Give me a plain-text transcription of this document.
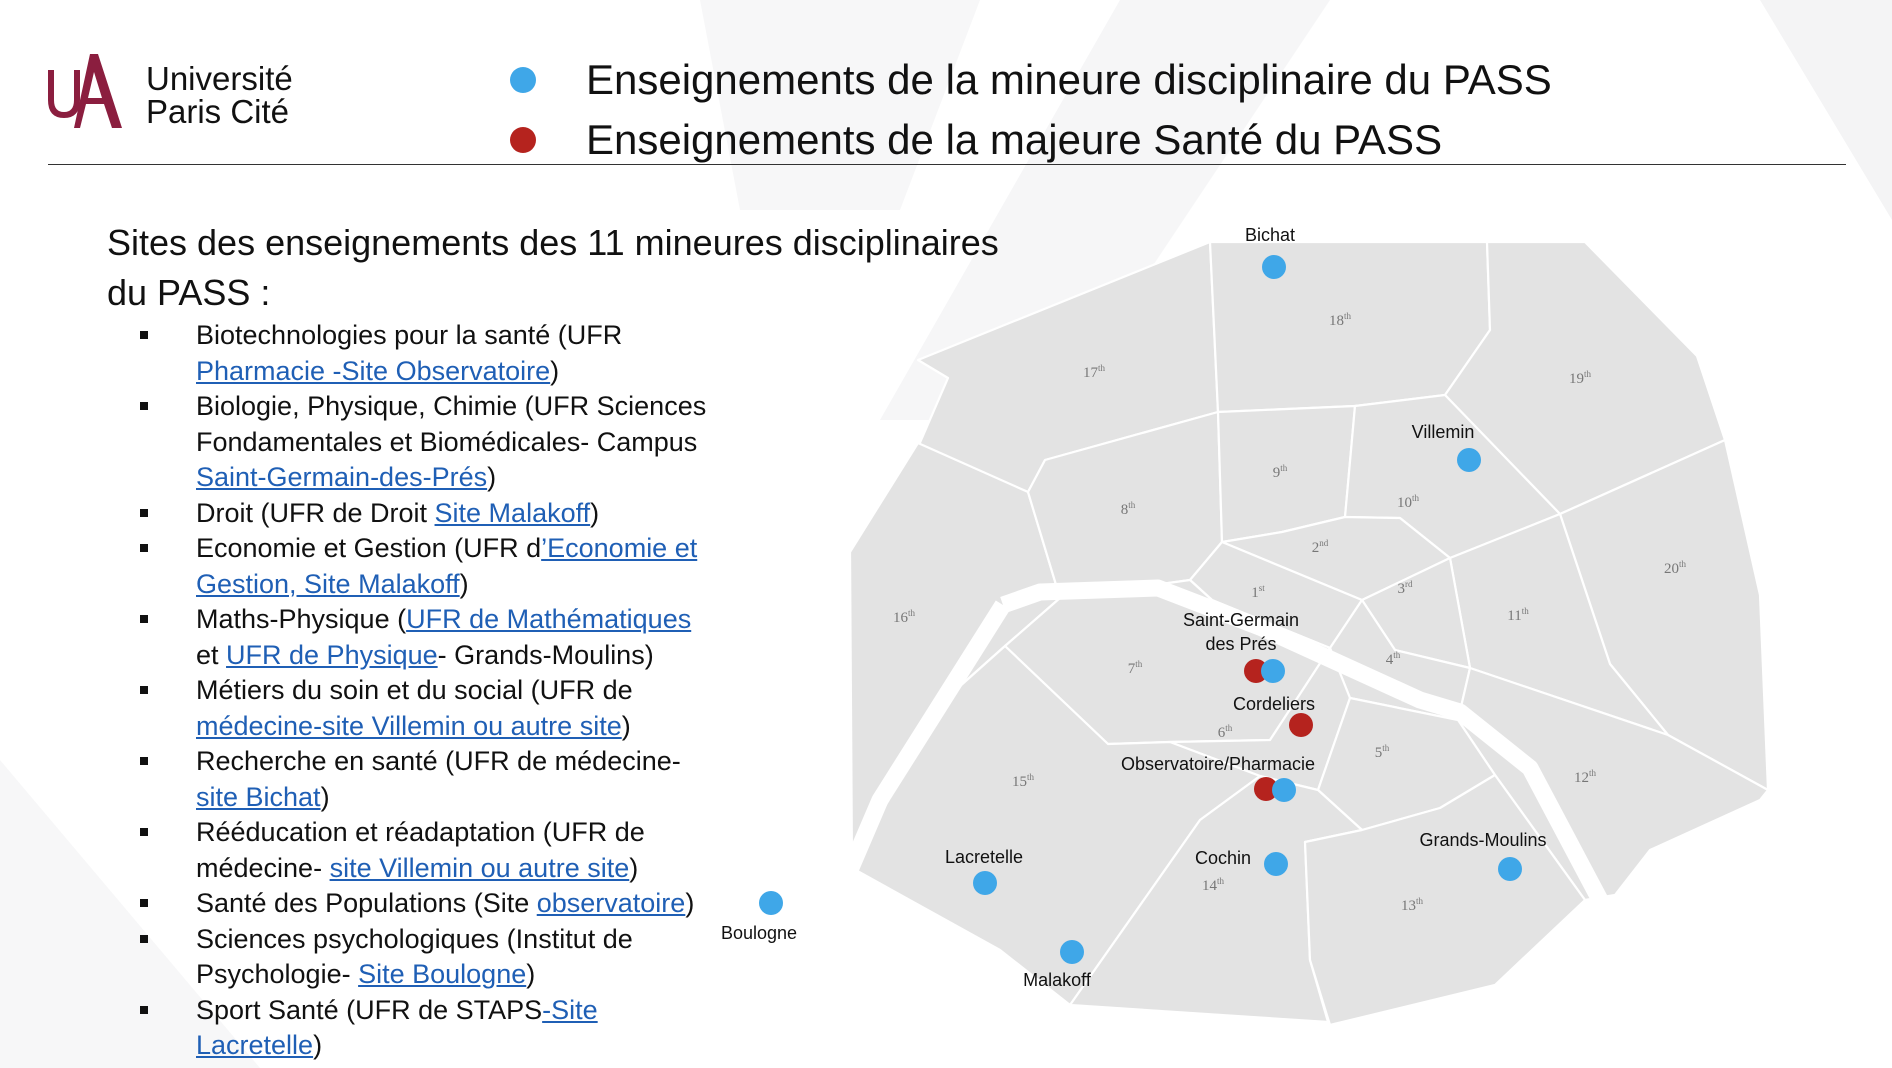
Université
Paris Cité
Enseignements de la mineure disciplinaire du PASS
Enseignements de la majeure Santé du PASS
Sites des enseignements des 11 mineures disciplinaires
du PASS :
Biotechnologies pour la santé (UFR Pharmacie -Site Observatoire)
Biologie, Physique, Chimie (UFR Sciences Fondamentales et Biomédicales- Campus Saint-Germain-des-Prés)
Droit (UFR de Droit Site Malakoff)
Economie et Gestion (UFR d’Economie et Gestion, Site Malakoff)
Maths-Physique (UFR de Mathématiques et UFR de Physique- Grands-Moulins)
Métiers du soin et du social (UFR de médecine-site Villemin ou autre site)
Recherche en santé (UFR de médecine- site Bichat)
Rééducation et réadaptation (UFR de médecine- site Villemin ou autre site)
Santé des Populations (Site observatoire)
Sciences psychologiques (Institut de Psychologie- Site Boulogne)
Sport Santé (UFR de STAPS-Site Lacretelle)
1st
2nd
3rd
4th
5th
6th
7th
8th
9th
10th
11th
12th
13th
14th
15th
16th
17th
18th
19th
20th
Bichat
Villemin
Saint-Germain
des Prés
Cordeliers
Observatoire/Pharmacie
Cochin
Grands-Moulins
Lacretelle
Boulogne
Malakoff
